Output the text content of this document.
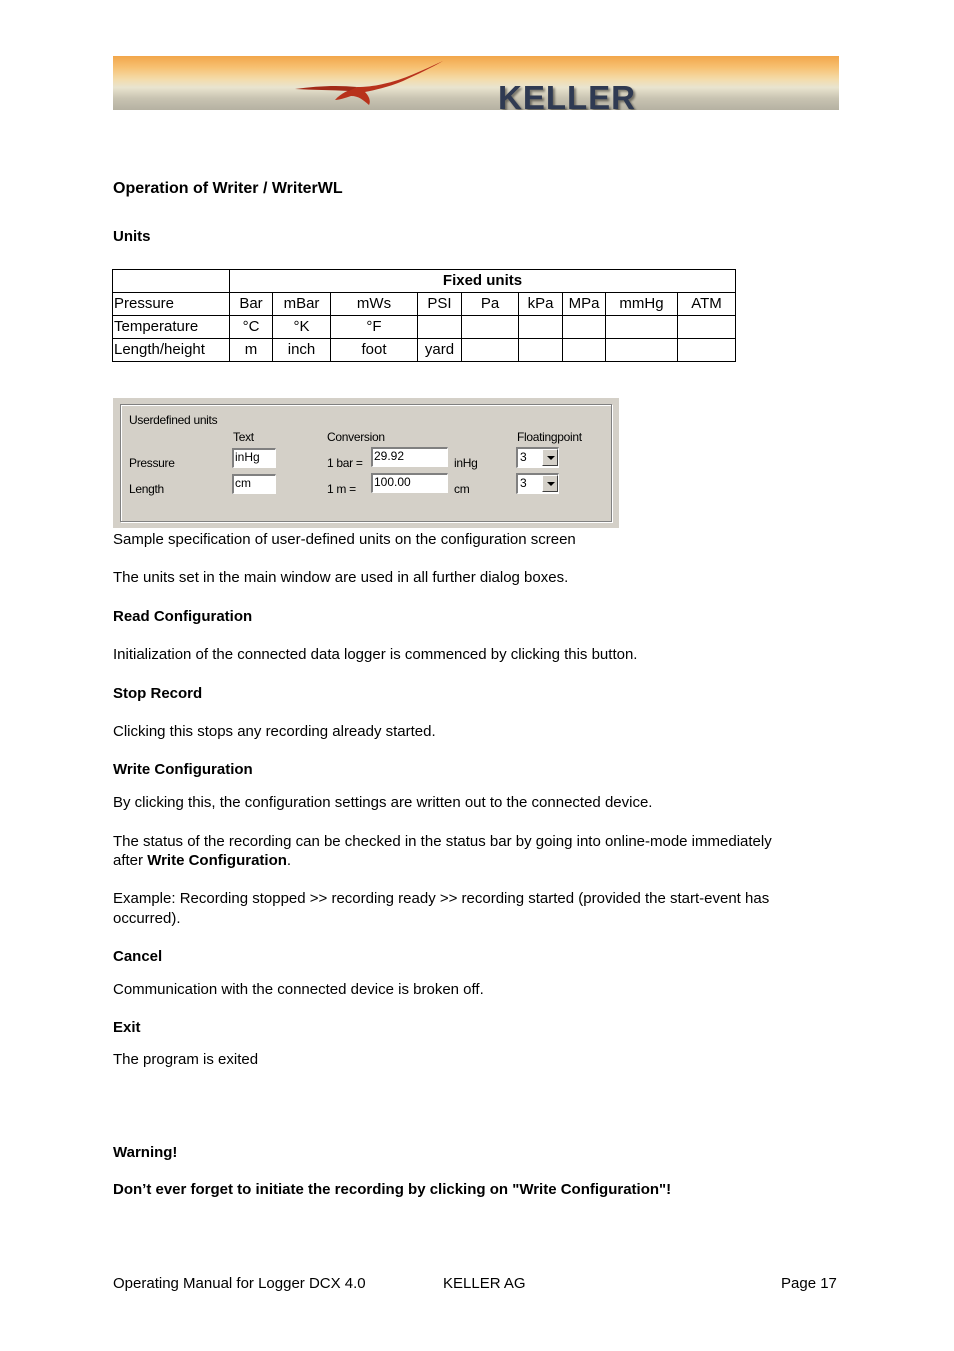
KELLER
Operation of Writer / WriterWL
Units
	Fixed units								
Pressure	Bar	mBar	mWs	PSI	Pa	kPa	MPa	mmHg	ATM
Temperature	°C	°K	°F						
Length/height	m	inch	foot	yard					
Userdefined units
Text	Conversion	Floatingpoint
Pressure	inHg	1 bar = 29.92	inHg	3
Length	cm	1 m = 100.00	cm	3
Sample specification of user-defined units on the configuration screen
The units set in the main window are used in all further dialog boxes.
Read Configuration
Initialization of the connected data logger is commenced by clicking this button.
Stop Record
Clicking this stops any recording already started.
Write Configuration
By clicking this, the configuration settings are written out to the connected device.
The status of the recording can be checked in the status bar by going into online-mode immediately
after Write Configuration.
Example: Recording stopped >> recording ready >> recording started (provided the start-event has
occurred).
Cancel
Communication with the connected device is broken off.
Exit
The program is exited
Warning!
Don’t ever forget to initiate the recording by clicking on "Write Configuration"!
Operating Manual for Logger DCX 4.0	KELLER AG	Page 17
